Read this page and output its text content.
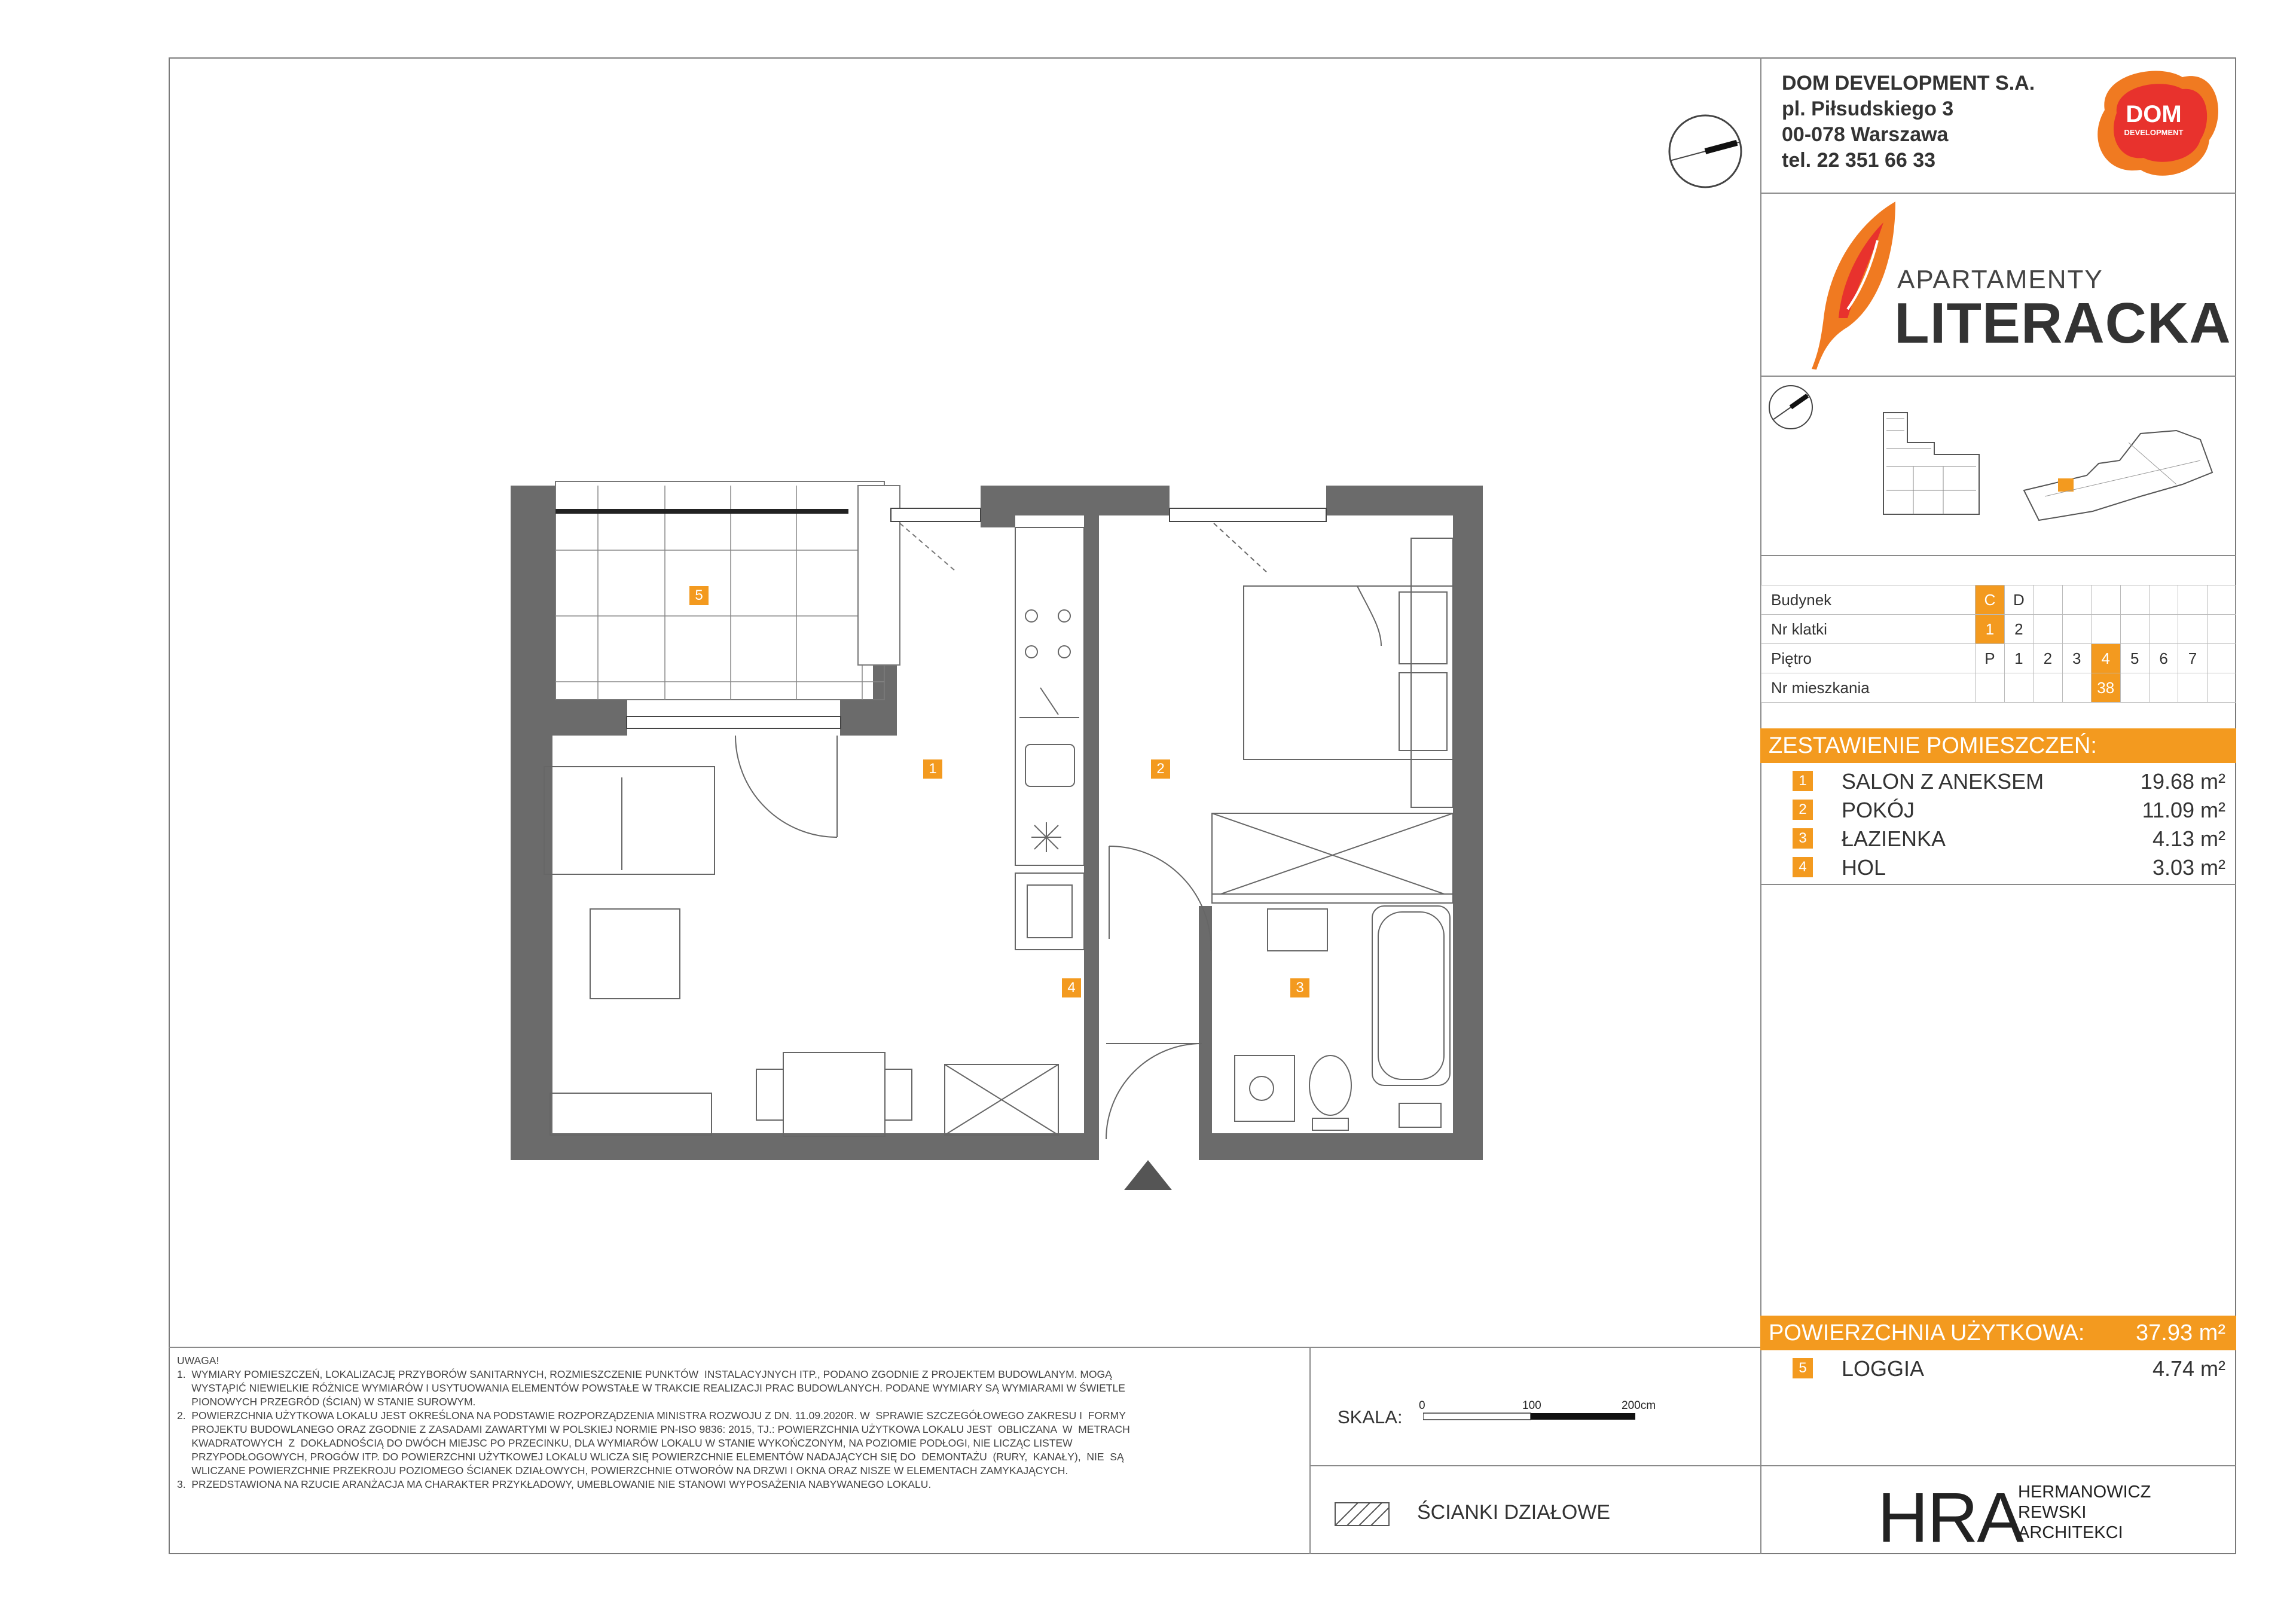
DOM DEVELOPMENT S.A.
pl. Piłsudskiego 3
00-078 Warszawa
tel. 22 351 66 33
DOM
DEVELOPMENT
APARTAMENTY
LITERACKA
Budynek	C	D							
Nr klatki	1	2							
Piętro	P	1	2	3	4	5	6	7	
Nr mieszkania					38				
ZESTAWIENIE POMIESZCZEŃ:
1 SALON Z ANEKSEM	19.68 m²
2 POKÓJ	11.09 m²
3 ŁAZIENKA	4.13 m²
4 HOL	3.03 m²
POWIERZCHNIA UŻYTKOWA: 37.93 m²
5 LOGGIA	4.74 m²

UWAGA!

1.  WYMIARY POMIESZCZEŃ, LOKALIZACJĘ PRZYBORÓW SANITARNYCH, ROZMIESZCZENIE PUNKTÓW  INSTALACYJNYCH ITP., PODANO ZGODNIE Z PROJEKTEM BUDOWLANYM. MOGĄ

WYSTĄPIĆ NIEWIELKIE RÓŻNICE WYMIARÓW I USYTUOWANIA ELEMENTÓW POWSTAŁE W TRAKCIE REALIZACJI PRAC BUDOWLANYCH. PODANE WYMIARY SĄ WYMIARAMI W ŚWIETLE

PIONOWYCH PRZEGRÓD (ŚCIAN) W STANIE SUROWYM.

2.  POWIERZCHNIA UŻYTKOWA LOKALU JEST OKREŚLONA NA PODSTAWIE ROZPORZĄDZENIA MINISTRA ROZWOJU Z DN. 11.09.2020R. W  SPRAWIE SZCZEGÓŁOWEGO ZAKRESU I  FORMY

PROJEKTU BUDOWLANEGO ORAZ ZGODNIE Z ZASADAMI ZAWARTYMI W POLSKIEJ NORMIE PN-ISO 9836: 2015, TJ.: POWIERZCHNIA UŻYTKOWA LOKALU JEST  OBLICZANA  W  METRACH

KWADRATOWYCH  Z  DOKŁADNOŚCIĄ DO DWÓCH MIEJSC PO PRZECINKU, DLA WYMIARÓW LOKALU W STANIE WYKOŃCZONYM, NA POZIOMIE PODŁOGI, NIE LICZĄC LISTEW

PRZYPODŁOGOWYCH, PROGÓW ITP. DO POWIERZCHNI UŻYTKOWEJ LOKALU WLICZA SIĘ POWIERZCHNIE ELEMENTÓW NADAJĄCYCH SIĘ DO  DEMONTAŻU  (RURY,  KANAŁY),  NIE  SĄ

WLICZANE POWIERZCHNIE PRZEKROJU POZIOMEGO ŚCIANEK DZIAŁOWYCH, POWIERZCHNIE OTWORÓW NA DRZWI I OKNA ORAZ NISZE W ELEMENTACH ZAMYKAJĄCYCH.

3.  PRZEDSTAWIONA NA RZUCIE ARANŻACJA MA CHARAKTER PRZYKŁADOWY, UMEBLOWANIE NIE STANOWI WYPOSAŻENIA NABYWANEGO LOKALU.

SKALA:
0	100	200cm
ŚCIANKI DZIAŁOWE	HRA
HERMANOWICZ
REWSKI
ARCHITEKCI
5
1	2
4	3
